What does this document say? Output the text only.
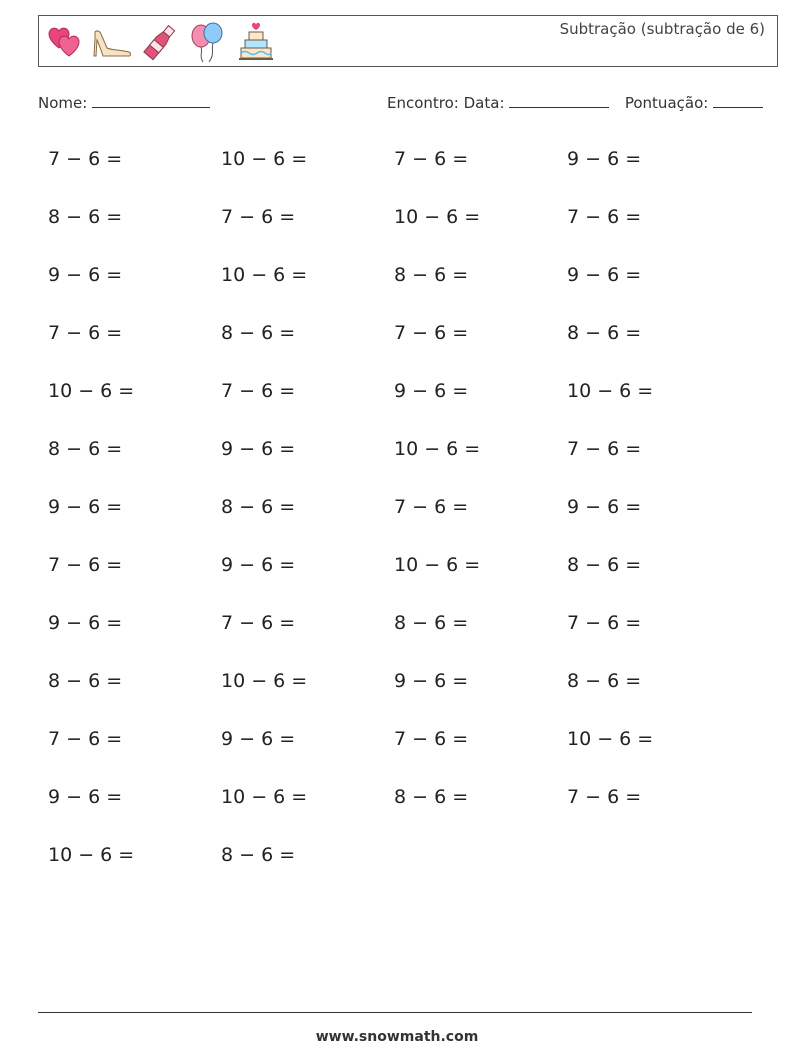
Subtração (subtração de 6)
Nome:	Encontro: Data:	Pontuação:
7 − 6 =	10 − 6 =	7 − 6 =	9 − 6 =
8 − 6 =	7 − 6 =	10 − 6 =	7 − 6 =
9 − 6 =	10 − 6 =	8 − 6 =	9 − 6 =
7 − 6 =	8 − 6 =	7 − 6 =	8 − 6 =
10 − 6 =	7 − 6 =	9 − 6 =	10 − 6 =
8 − 6 =	9 − 6 =	10 − 6 =	7 − 6 =
9 − 6 =	8 − 6 =	7 − 6 =	9 − 6 =
7 − 6 =	9 − 6 =	10 − 6 =	8 − 6 =
9 − 6 =	7 − 6 =	8 − 6 =	7 − 6 =
8 − 6 =	10 − 6 =	9 − 6 =	8 − 6 =
7 − 6 =	9 − 6 =	7 − 6 =	10 − 6 =
9 − 6 =	10 − 6 =	8 − 6 =	7 − 6 =
10 − 6 =	8 − 6 =
www.snowmath.com
